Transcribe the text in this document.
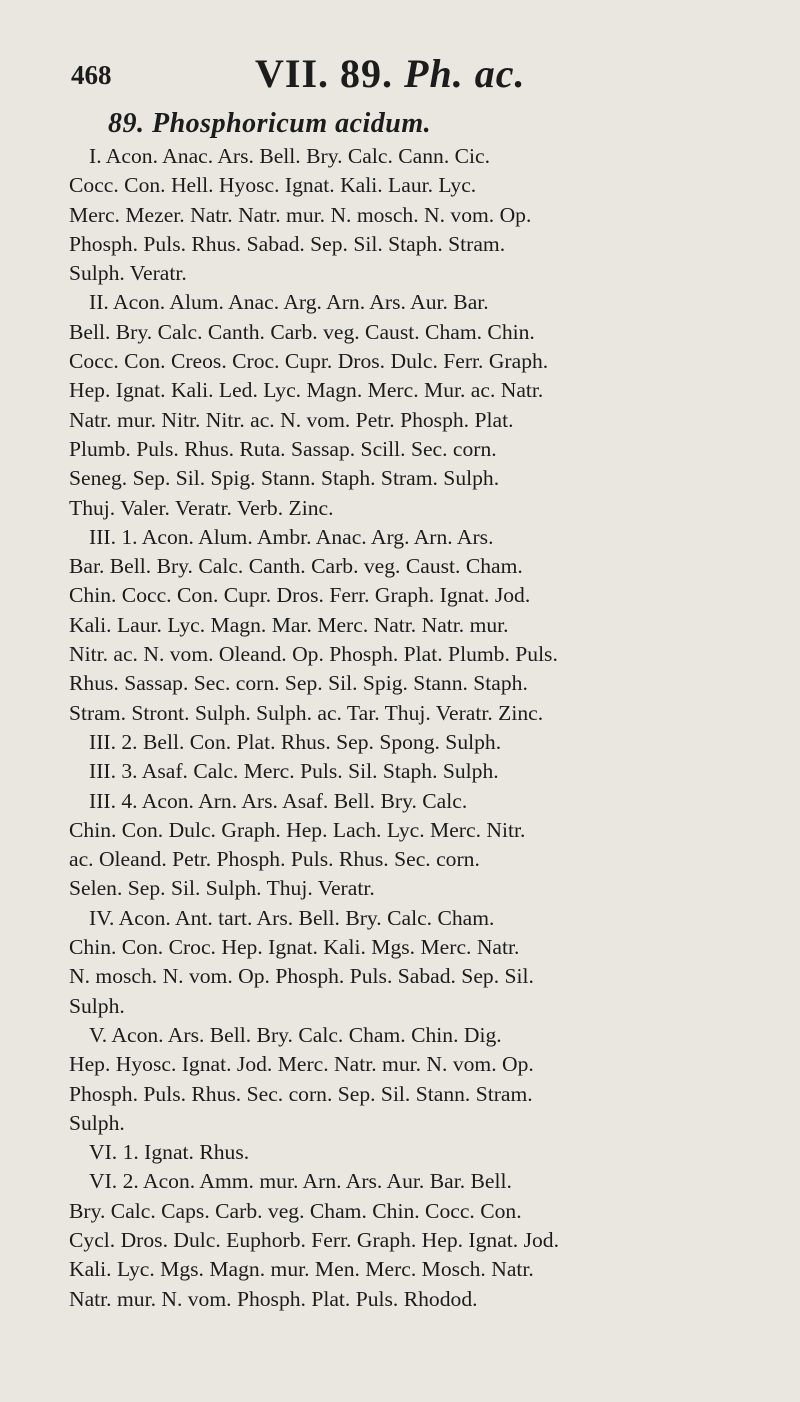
468	VII. 89. Ph. ac.
89. Phosphoricum acidum.
I. Acon. Anac. Ars. Bell. Bry. Calc. Cann. Cic.
Cocc. Con. Hell. Hyosc. Ignat. Kali. Laur. Lyc.
Merc. Mezer. Natr. Natr. mur. N. mosch. N. vom. Op.
Phosph. Puls. Rhus. Sabad. Sep. Sil. Staph. Stram.
Sulph. Veratr.
II. Acon. Alum. Anac. Arg. Arn. Ars. Aur. Bar.
Bell. Bry. Calc. Canth. Carb. veg. Caust. Cham. Chin.
Cocc. Con. Creos. Croc. Cupr. Dros. Dulc. Ferr. Graph.
Hep. Ignat. Kali. Led. Lyc. Magn. Merc. Mur. ac. Natr.
Natr. mur. Nitr. Nitr. ac. N. vom. Petr. Phosph. Plat.
Plumb. Puls. Rhus. Ruta. Sassap. Scill. Sec. corn.
Seneg. Sep. Sil. Spig. Stann. Staph. Stram. Sulph.
Thuj. Valer. Veratr. Verb. Zinc.
III. 1. Acon. Alum. Ambr. Anac. Arg. Arn. Ars.
Bar. Bell. Bry. Calc. Canth. Carb. veg. Caust. Cham.
Chin. Cocc. Con. Cupr. Dros. Ferr. Graph. Ignat. Jod.
Kali. Laur. Lyc. Magn. Mar. Merc. Natr. Natr. mur.
Nitr. ac. N. vom. Oleand. Op. Phosph. Plat. Plumb. Puls.
Rhus. Sassap. Sec. corn. Sep. Sil. Spig. Stann. Staph.
Stram. Stront. Sulph. Sulph. ac. Tar. Thuj. Veratr. Zinc.
III. 2. Bell. Con. Plat. Rhus. Sep. Spong. Sulph.
III. 3. Asaf. Calc. Merc. Puls. Sil. Staph. Sulph.
III. 4. Acon. Arn. Ars. Asaf. Bell. Bry. Calc.
Chin. Con. Dulc. Graph. Hep. Lach. Lyc. Merc. Nitr.
ac. Oleand. Petr. Phosph. Puls. Rhus. Sec. corn.
Selen. Sep. Sil. Sulph. Thuj. Veratr.
IV. Acon. Ant. tart. Ars. Bell. Bry. Calc. Cham.
Chin. Con. Croc. Hep. Ignat. Kali. Mgs. Merc. Natr.
N. mosch. N. vom. Op. Phosph. Puls. Sabad. Sep. Sil.
Sulph.
V. Acon. Ars. Bell. Bry. Calc. Cham. Chin. Dig.
Hep. Hyosc. Ignat. Jod. Merc. Natr. mur. N. vom. Op.
Phosph. Puls. Rhus. Sec. corn. Sep. Sil. Stann. Stram.
Sulph.
VI. 1. Ignat. Rhus.
VI. 2. Acon. Amm. mur. Arn. Ars. Aur. Bar. Bell.
Bry. Calc. Caps. Carb. veg. Cham. Chin. Cocc. Con.
Cycl. Dros. Dulc. Euphorb. Ferr. Graph. Hep. Ignat. Jod.
Kali. Lyc. Mgs. Magn. mur. Men. Merc. Mosch. Natr.
Natr. mur. N. vom. Phosph. Plat. Puls. Rhodod.
